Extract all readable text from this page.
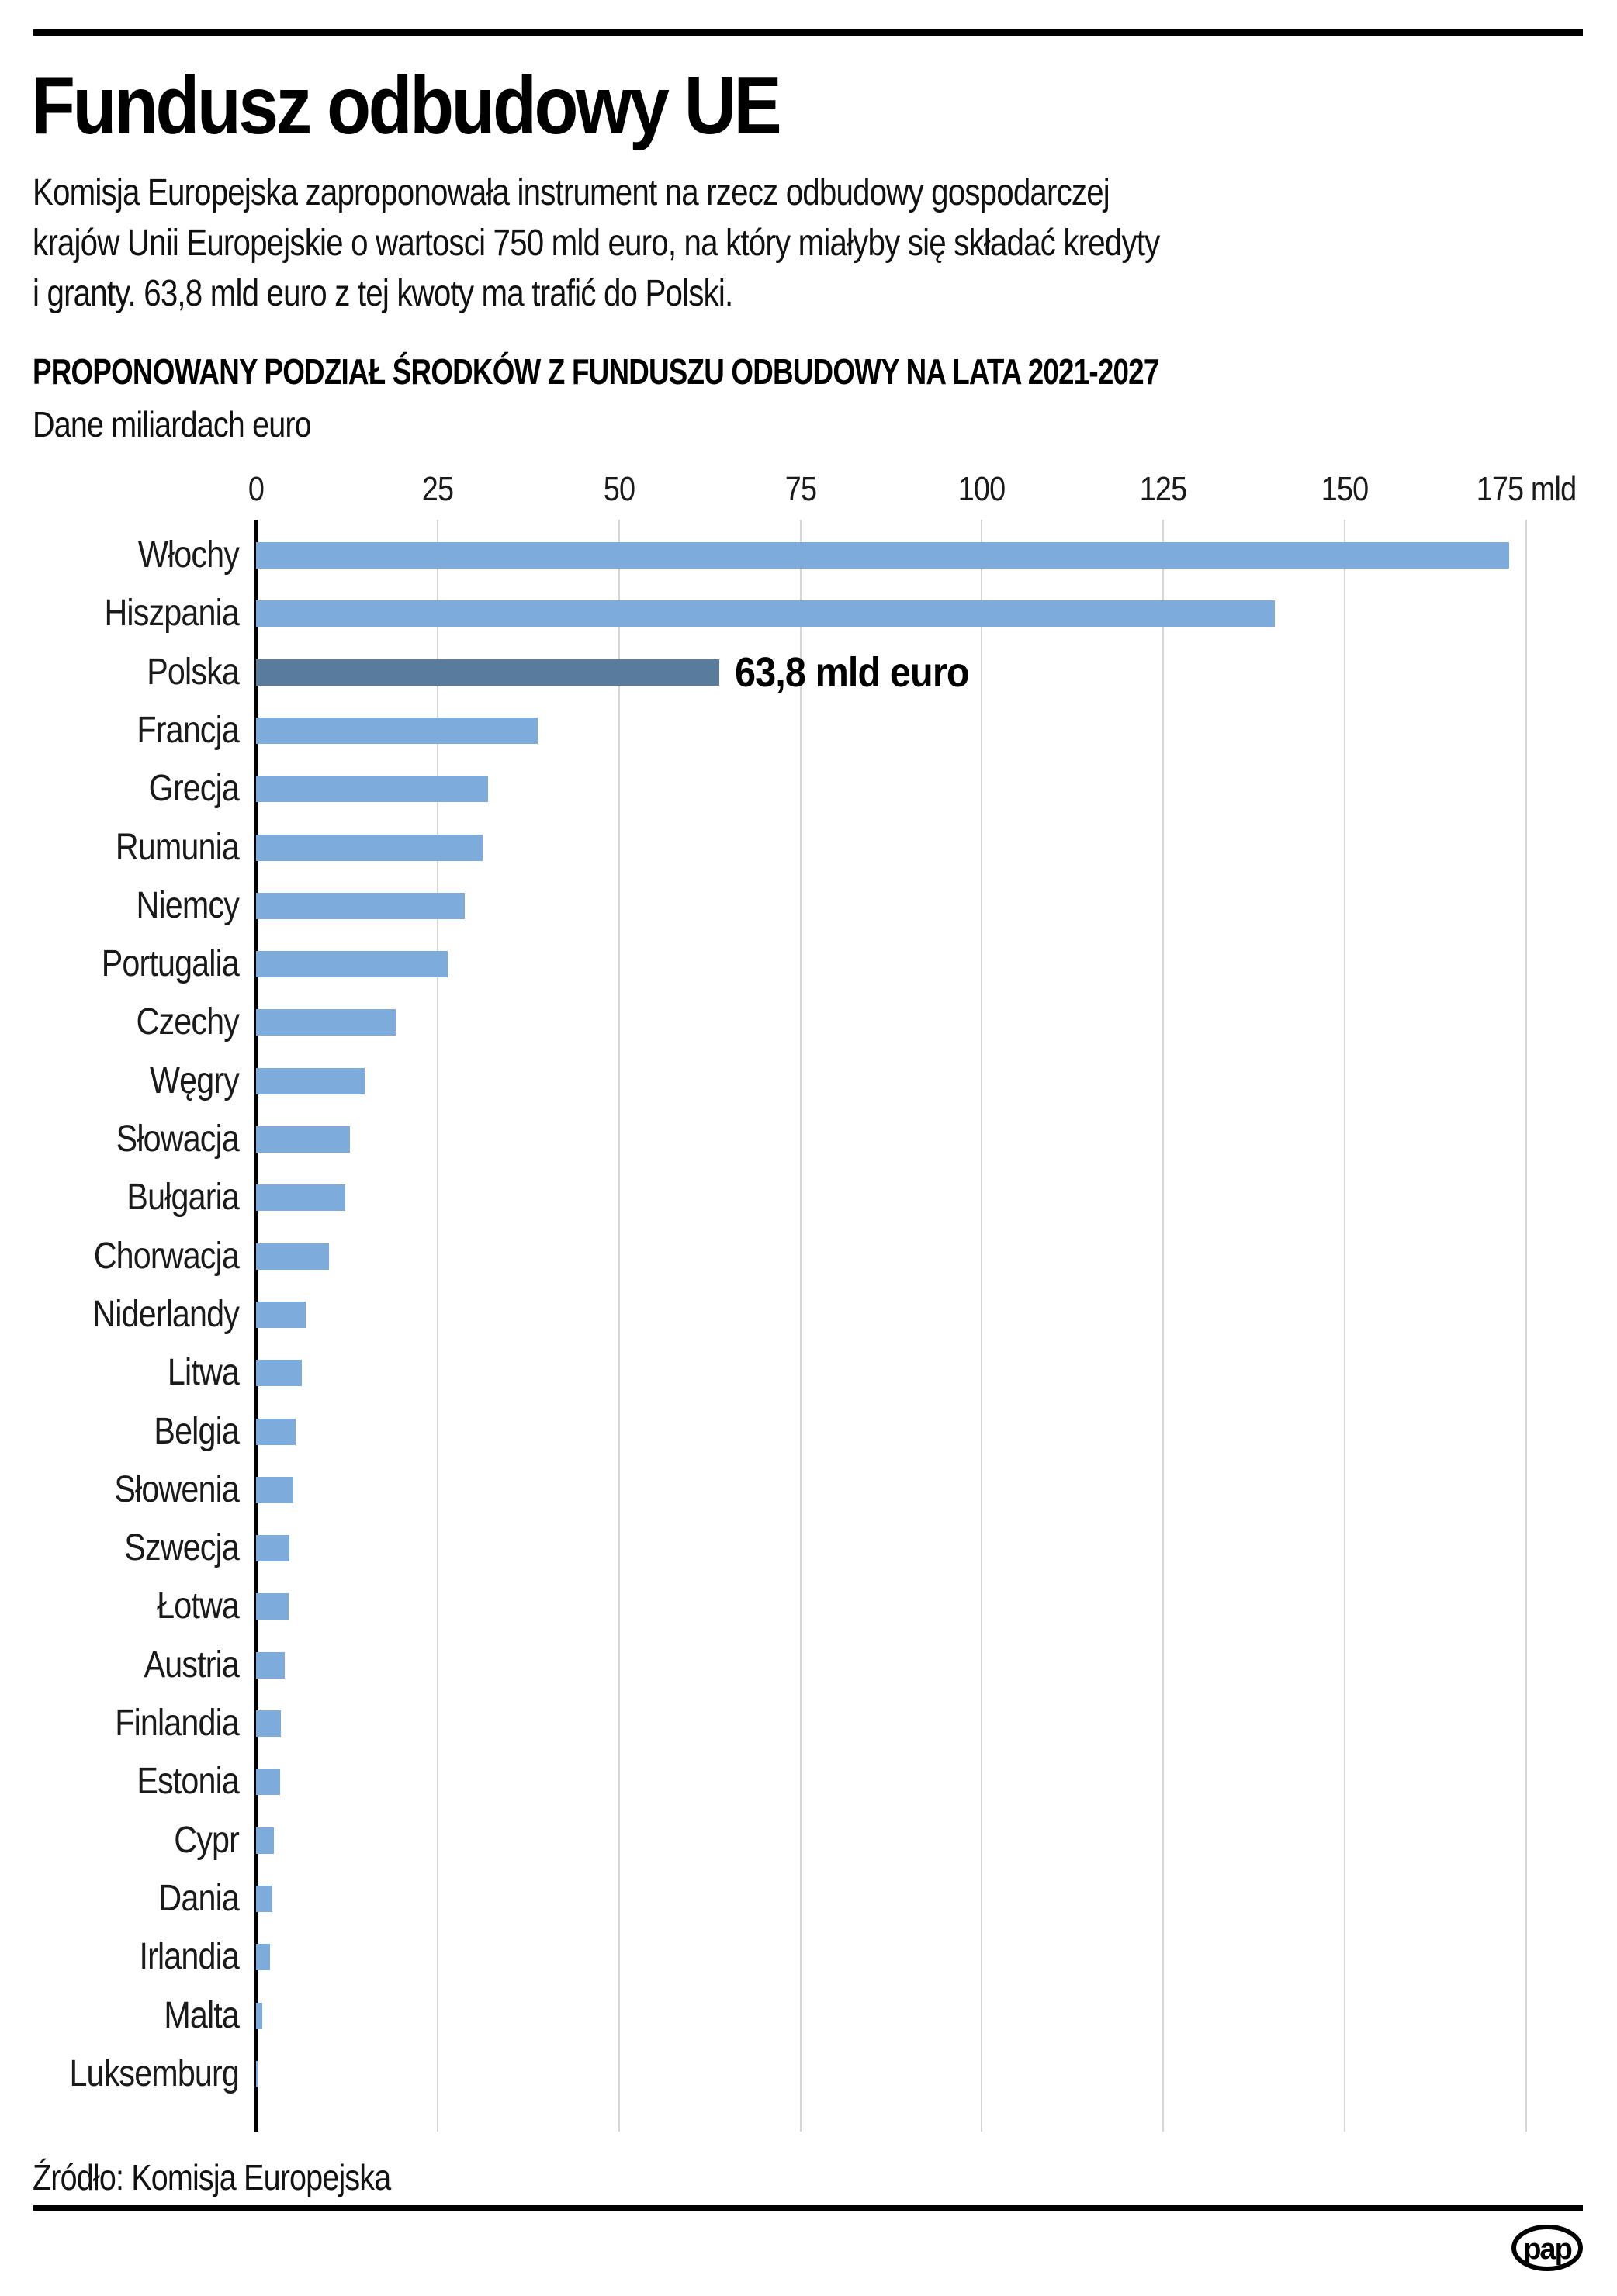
Fundusz odbudowy UE
Komisja Europejska zaproponowała instrument na rzecz odbudowy gospodarczej
krajów Unii Europejskie o wartosci 750 mld euro, na który miałyby się składać kredyty
i granty. 63,8 mld euro z tej kwoty ma trafić do Polski.
PROPONOWANY PODZIAŁ ŚRODKÓW Z FUNDUSZU ODBUDOWY NA LATA 2021-2027
Dane miliardach euro
0	25	50	75	100	125	150	175 mld
Włochy
Hiszpania
Polska	63,8 mld euro
Francja
Grecja
Rumunia
Niemcy
Portugalia
Czechy
Węgry
Słowacja
Bułgaria
Chorwacja
Niderlandy
Litwa
Belgia
Słowenia
Szwecja
Łotwa
Austria
Finlandia
Estonia
Cypr
Dania
Irlandia
Malta
Luksemburg
Źródło: Komisja Europejska
pap
